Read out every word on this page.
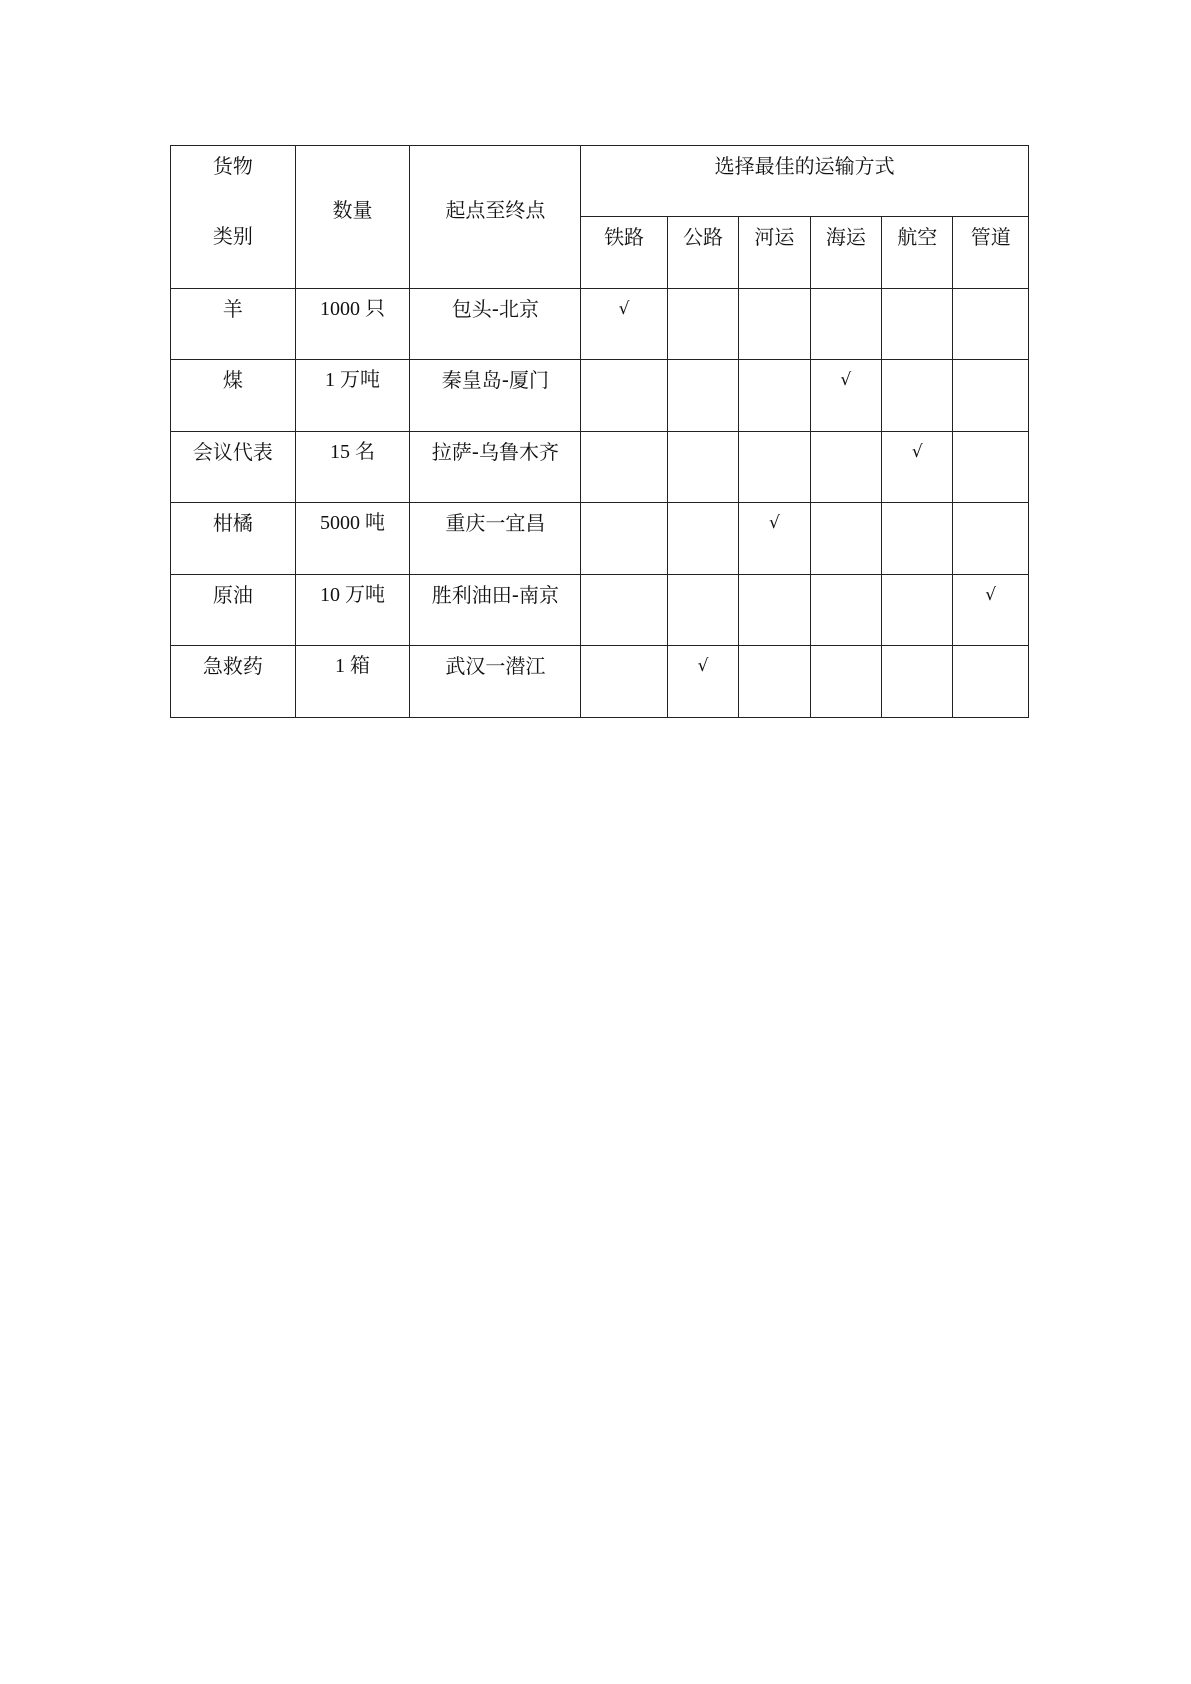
货物
类别	数量	起点至终点	选择最佳的运输方式					

			铁路	公路	河运	海运	航空	管道

羊	1000 只	包头-北京	√					

煤	1 万吨	秦皇岛-厦门				√		

会议代表	15 名	拉萨-乌鲁木齐					√	

柑橘	5000 吨	重庆一宜昌			√			

原油	10 万吨	胜利油田-南京						√

急救药	1 箱	武汉一潜江		√				
